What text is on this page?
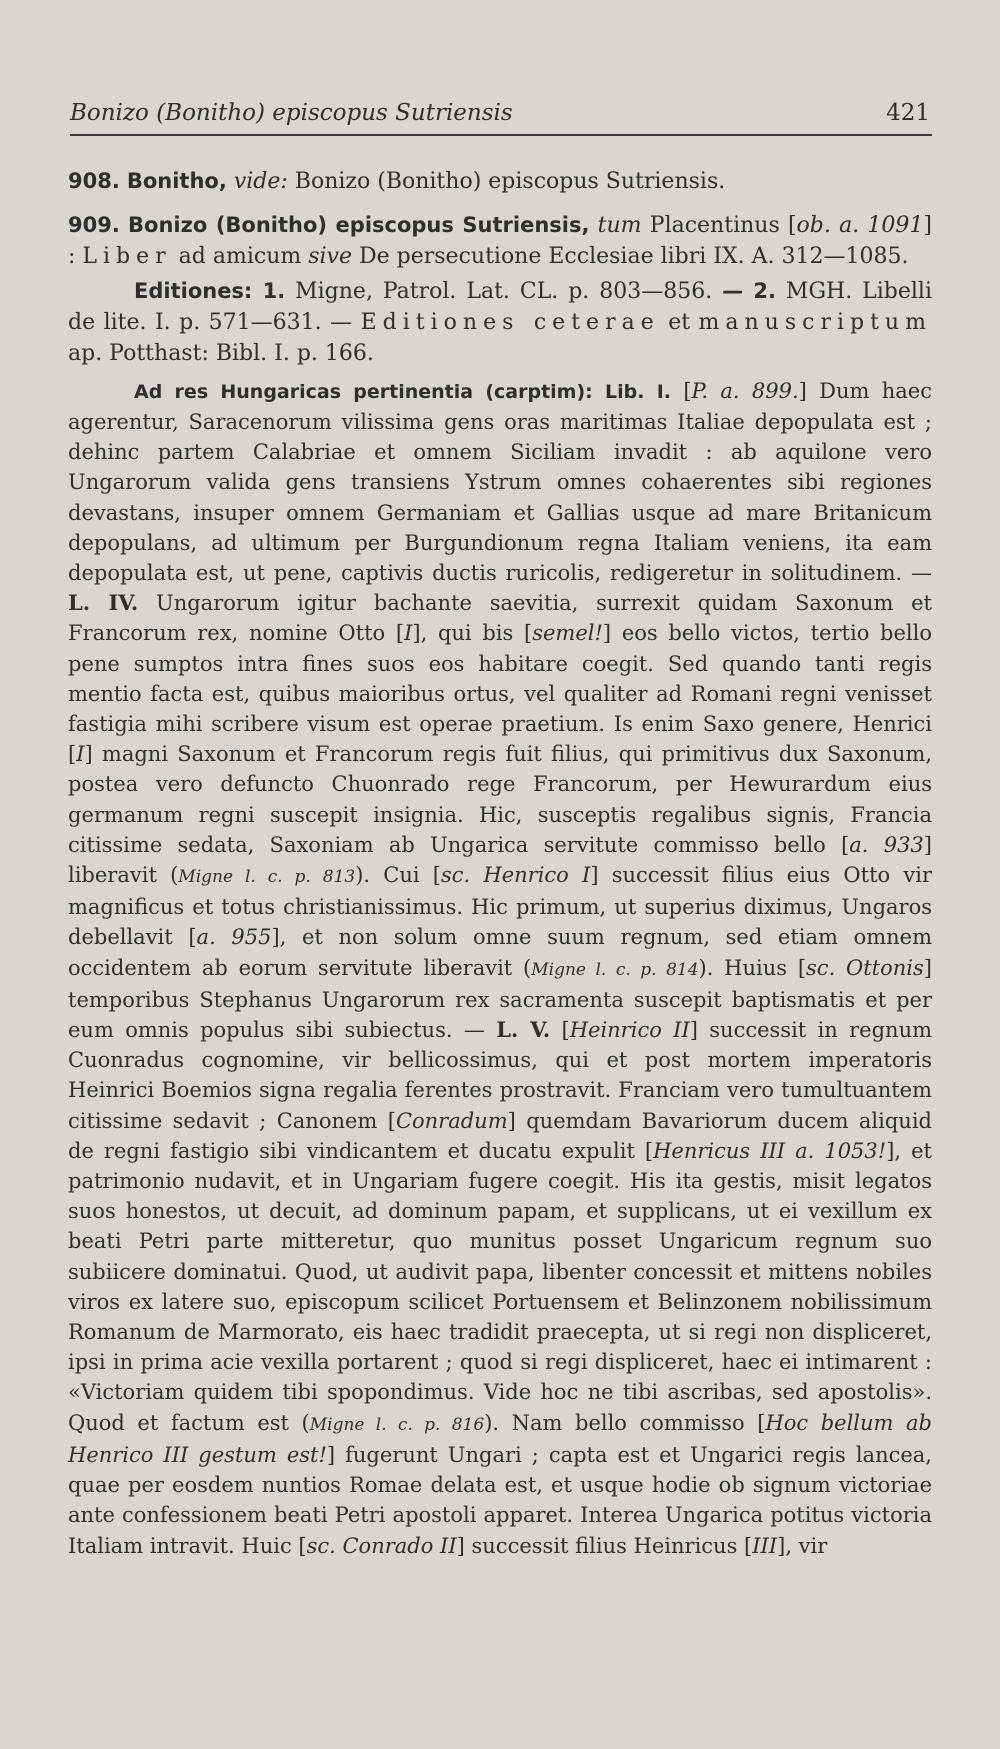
Bonizo (Bonitho) episcopus Sutriensis	421

908. Bonitho, vide: Bonizo (Bonitho) episcopus Sutriensis.

909. Bonizo (Bonitho) episcopus Sutriensis, tum Placentinus [ob. a. 1091] : Liber ad amicum sive De persecutione Ecclesiae libri IX. A. 312—1085.

Editiones: 1. Migne, Patrol. Lat. CL. p. 803—856. — 2. MGH. Libelli de lite. I. p. 571—631. — Editiones ceterae et manuscriptum ap. Potthast: Bibl. I. p. 166.

Ad res Hungaricas pertinentia (carptim): Lib. I. [P. a. 899.] Dum haec agerentur, Saracenorum vilissima gens oras maritimas Italiae depopulata est ; dehinc partem Calabriae et omnem Siciliam invadit : ab aquilone vero Ungarorum valida gens transiens Ystrum omnes cohaerentes sibi regiones devastans, insuper omnem Germaniam et Gallias usque ad mare Britanicum depopulans, ad ultimum per Burgundionum regna Italiam veniens, ita eam depopulata est, ut pene, captivis ductis ruricolis, redigeretur in solitudinem. — L. IV. Ungarorum igitur bachante saevitia, surrexit quidam Saxonum et Francorum rex, nomine Otto [I], qui bis [semel!] eos bello victos, tertio bello pene sumptos intra fines suos eos habitare coegit. Sed quando tanti regis mentio facta est, quibus maioribus ortus, vel qualiter ad Romani regni venisset fastigia mihi scribere visum est operae praetium. Is enim Saxo genere, Henrici [I] magni Saxonum et Francorum regis fuit filius, qui primitivus dux Saxonum, postea vero defuncto Chuonrado rege Francorum, per Hewurardum eius germanum regni suscepit insignia. Hic, susceptis regalibus signis, Francia citissime sedata, Saxoniam ab Ungarica servitute commisso bello [a. 933] liberavit (Migne l. c. p. 813). Cui [sc. Henrico I] successit filius eius Otto vir magnificus et totus christianissimus. Hic primum, ut superius diximus, Ungaros debellavit [a. 955], et non solum omne suum regnum, sed etiam omnem occidentem ab eorum servitute liberavit (Migne l. c. p. 814). Huius [sc. Ottonis] temporibus Stephanus Ungarorum rex sacramenta suscepit baptismatis et per eum omnis populus sibi subiectus. — L. V. [Heinrico II] successit in regnum Cuonradus cognomine, vir bellicossimus, qui et post mortem imperatoris Heinrici Boemios signa regalia ferentes prostravit. Franciam vero tumultuantem citissime sedavit ; Canonem [Conradum] quemdam Bavariorum ducem aliquid de regni fastigio sibi vindicantem et ducatu expulit [Henricus III a. 1053!], et patrimonio nudavit, et in Ungariam fugere coegit. His ita gestis, misit legatos suos honestos, ut decuit, ad dominum papam, et supplicans, ut ei vexillum ex beati Petri parte mitteretur, quo munitus posset Ungaricum regnum suo subiicere dominatui. Quod, ut audivit papa, libenter concessit et mittens nobiles viros ex latere suo, episcopum scilicet Portuensem et Belinzonem nobilissimum Romanum de Marmorato, eis haec tradidit praecepta, ut si regi non displiceret, ipsi in prima acie vexilla portarent ; quod si regi displiceret, haec ei intimarent : «Victoriam quidem tibi spopondimus. Vide hoc ne tibi ascribas, sed apostolis». Quod et factum est (Migne l. c. p. 816). Nam bello commisso [Hoc bellum ab Henrico III gestum est!] fugerunt Ungari ; capta est et Ungarici regis lancea, quae per eosdem nuntios Romae delata est, et usque hodie ob signum victoriae ante confessionem beati Petri apostoli apparet. Interea Ungarica potitus victoria Italiam intravit. Huic [sc. Conrado II] successit filius Heinricus [III], vir
